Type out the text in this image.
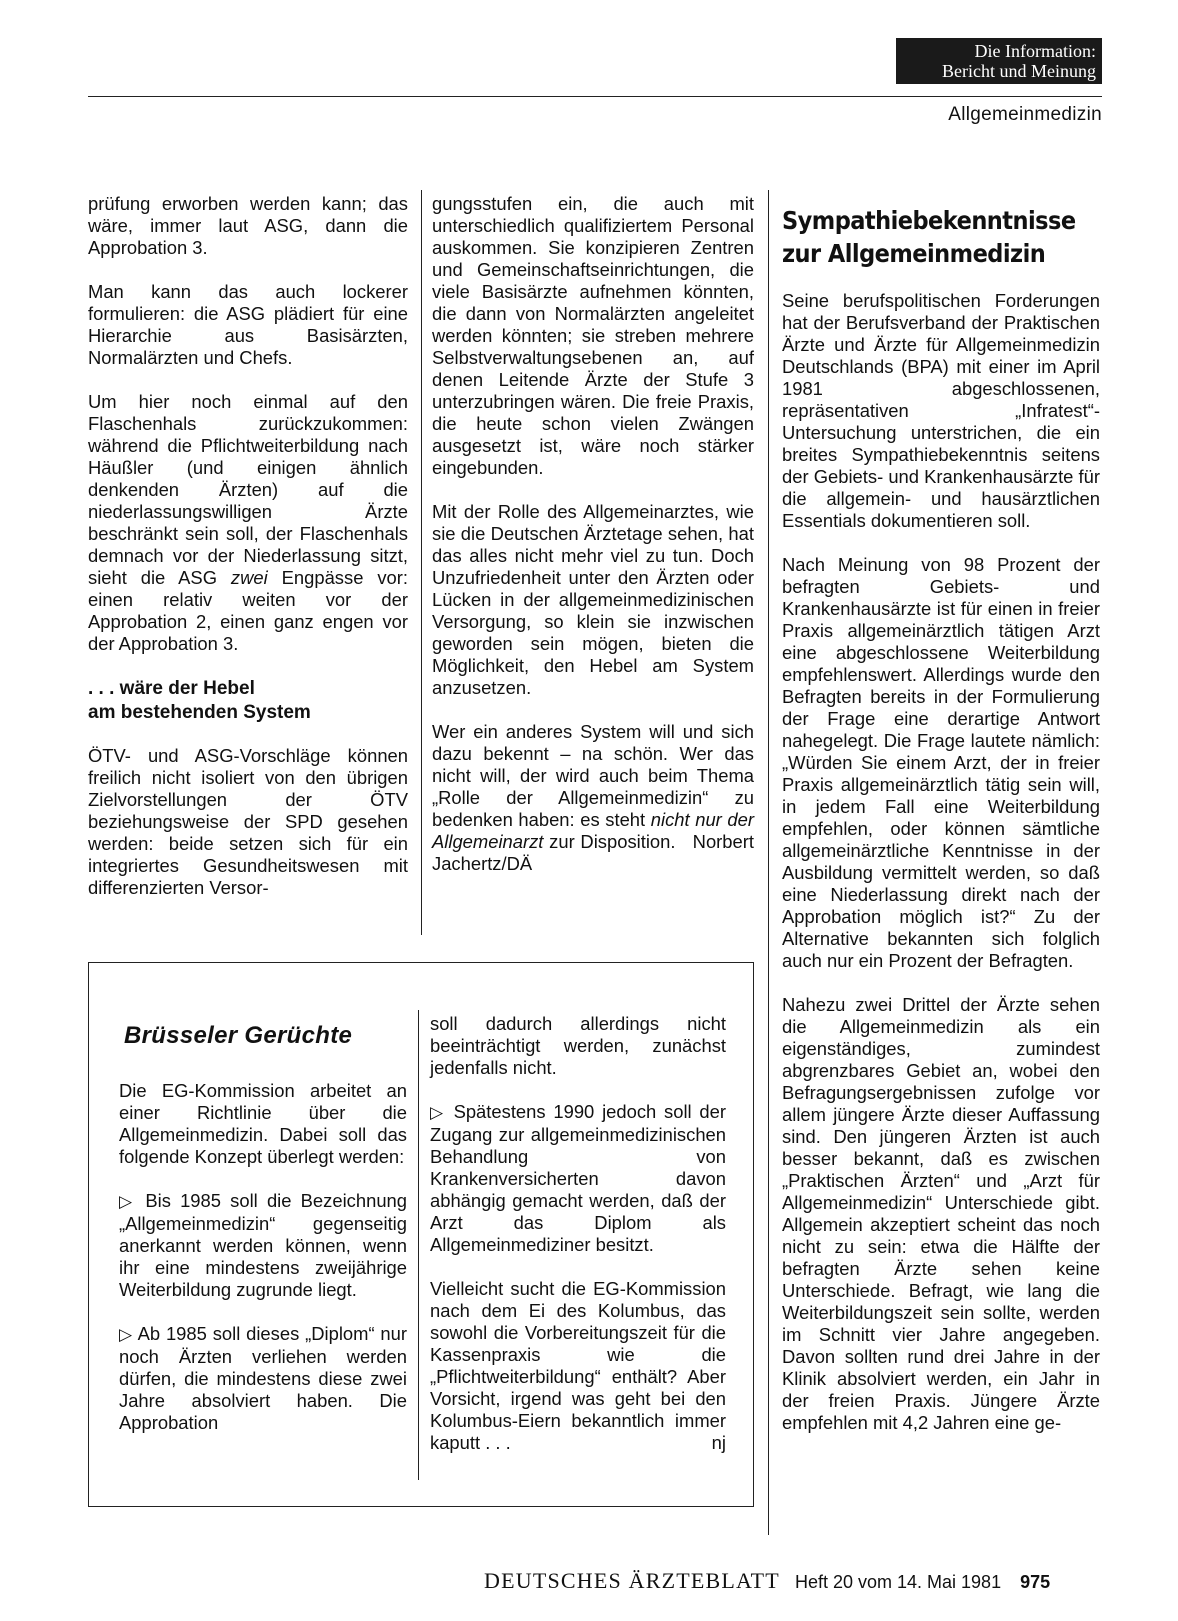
Die Information:
Bericht und Meinung
Allgemeinmedizin

prüfung erworben werden kann; das wäre, immer laut ASG, dann die Approbation 3.

Man kann das auch lockerer formulieren: die ASG plädiert für eine Hierarchie aus Basisärzten, Normalärzten und Chefs.

Um hier noch einmal auf den Flaschenhals zurückzukommen: während die Pflichtweiterbildung nach Häußler (und einigen ähnlich denkenden Ärzten) auf die niederlassungswilligen Ärzte beschränkt sein soll, der Flaschenhals demnach vor der Niederlassung sitzt, sieht die ASG zwei Engpässe vor: einen relativ weiten vor der Approbation 2, einen ganz engen vor der Approbation 3.

. . . wäre der Hebel
am bestehenden System

ÖTV- und ASG-Vorschläge können freilich nicht isoliert von den übrigen Zielvorstellungen der ÖTV beziehungsweise der SPD gesehen werden: beide setzen sich für ein integriertes Gesundheitswesen mit differenzierten Versor-

gungsstufen ein, die auch mit unterschiedlich qualifiziertem Personal auskommen. Sie konzipieren Zentren und Gemeinschaftseinrichtungen, die viele Basisärzte aufnehmen könnten, die dann von Normalärzten angeleitet werden könnten; sie streben mehrere Selbstverwaltungsebenen an, auf denen Leitende Ärzte der Stufe 3 unterzubringen wären. Die freie Praxis, die heute schon vielen Zwängen ausgesetzt ist, wäre noch stärker eingebunden.

Mit der Rolle des Allgemeinarztes, wie sie die Deutschen Ärztetage sehen, hat das alles nicht mehr viel zu tun. Doch Unzufriedenheit unter den Ärzten oder Lücken in der allgemeinmedizinischen Versorgung, so klein sie inzwischen geworden sein mögen, bieten die Möglichkeit, den Hebel am System anzusetzen.

Wer ein anderes System will und sich dazu bekennt – na schön. Wer das nicht will, der wird auch beim Thema „Rolle der Allgemeinmedizin“ zu bedenken haben: es steht nicht nur der Allgemeinarzt zur Disposition. Norbert Jachertz/DÄ

Sympathiebekenntnisse
zur Allgemeinmedizin

Seine berufspolitischen Forderungen hat der Berufsverband der Praktischen Ärzte und Ärzte für Allgemeinmedizin Deutschlands (BPA) mit einer im April 1981 abgeschlossenen, repräsentativen „Infratest“-Untersuchung unterstrichen, die ein breites Sympathiebekenntnis seitens der Gebiets- und Krankenhausärzte für die allgemein- und hausärztlichen Essentials dokumentieren soll.

Nach Meinung von 98 Prozent der befragten Gebiets- und Krankenhausärzte ist für einen in freier Praxis allgemeinärztlich tätigen Arzt eine abgeschlossene Weiterbildung empfehlenswert. Allerdings wurde den Befragten bereits in der Formulierung der Frage eine derartige Antwort nahegelegt. Die Frage lautete nämlich: „Würden Sie einem Arzt, der in freier Praxis allgemeinärztlich tätig sein will, in jedem Fall eine Weiterbildung empfehlen, oder können sämtliche allgemeinärztliche Kenntnisse in der Ausbildung vermittelt werden, so daß eine Niederlassung direkt nach der Approbation möglich ist?“ Zu der Alternative bekannten sich folglich auch nur ein Prozent der Befragten.

Nahezu zwei Drittel der Ärzte sehen die Allgemeinmedizin als ein eigenständiges, zumindest abgrenzbares Gebiet an, wobei den Befragungsergebnissen zufolge vor allem jüngere Ärzte dieser Auffassung sind. Den jüngeren Ärzten ist auch besser bekannt, daß es zwischen „Praktischen Ärzten“ und „Arzt für Allgemeinmedizin“ Unterschiede gibt. Allgemein akzeptiert scheint das noch nicht zu sein: etwa die Hälfte der befragten Ärzte sehen keine Unterschiede. Befragt, wie lang die Weiterbildungszeit sein sollte, werden im Schnitt vier Jahre angegeben. Davon sollten rund drei Jahre in der Klinik absolviert werden, ein Jahr in der freien Praxis. Jüngere Ärzte empfehlen mit 4,2 Jahren eine ge-

Brüsseler Gerüchte

Die EG-Kommission arbeitet an einer Richtlinie über die Allgemeinmedizin. Dabei soll das folgende Konzept überlegt werden:

▷ Bis 1985 soll die Bezeichnung „Allgemeinmedizin“ gegenseitig anerkannt werden können, wenn ihr eine mindestens zweijährige Weiterbildung zugrunde liegt.

▷ Ab 1985 soll dieses „Diplom“ nur noch Ärzten verliehen werden dürfen, die mindestens diese zwei Jahre absolviert haben. Die Approbation

soll dadurch allerdings nicht beeinträchtigt werden, zunächst jedenfalls nicht.

▷ Spätestens 1990 jedoch soll der Zugang zur allgemeinmedizinischen Behandlung von Krankenversicherten davon abhängig gemacht werden, daß der Arzt das Diplom als Allgemeinmediziner besitzt.

Vielleicht sucht die EG-Kommission nach dem Ei des Kolumbus, das sowohl die Vorbereitungszeit für die Kassenpraxis wie die „Pflichtweiterbildung“ enthält? Aber Vorsicht, irgend was geht bei den Kolumbus-Eiern bekanntlich immer kaputt . . .	nj

DEUTSCHES ÄRZTEBLATT Heft 20 vom 14. Mai 1981 975
